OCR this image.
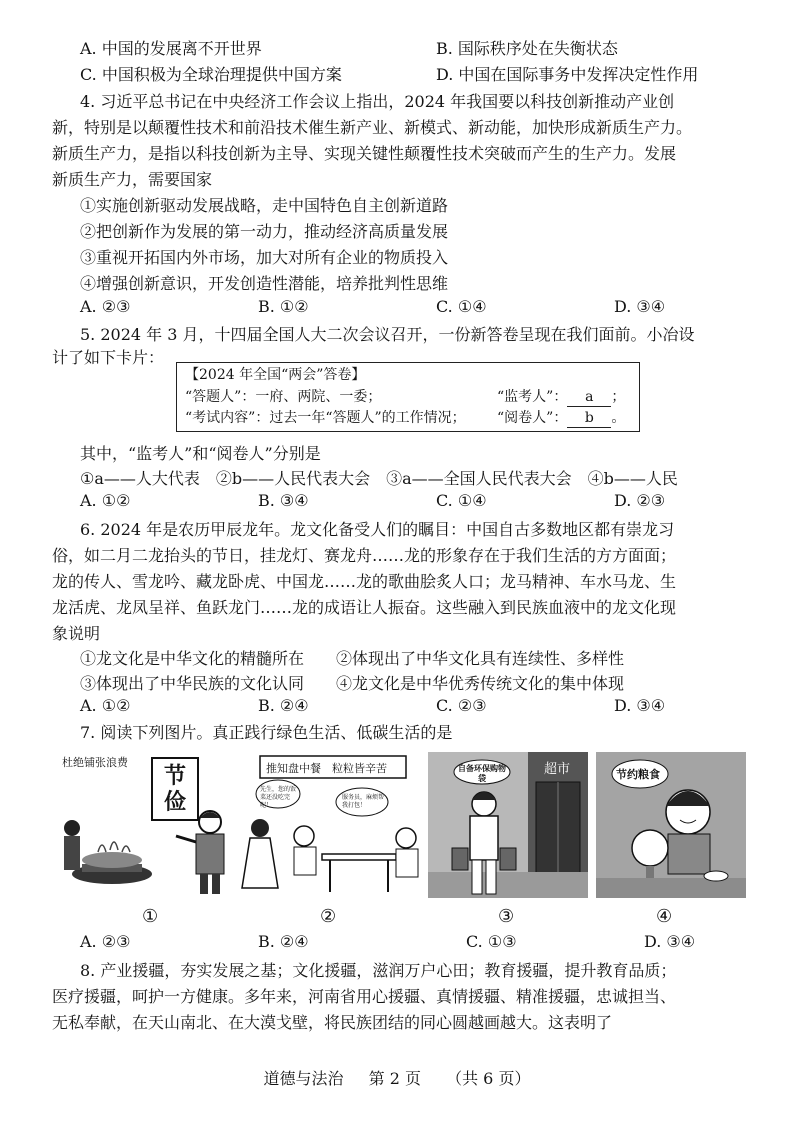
A. 中国的发展离不开世界	B. 国际秩序处在失衡状态
C. 中国积极为全球治理提供中国方案	D. 中国在国际事务中发挥决定性作用
4. 习近平总书记在中央经济工作会议上指出，2024 年我国要以科技创新推动产业创
新，特别是以颠覆性技术和前沿技术催生新产业、新模式、新动能，加快形成新质生产力。
新质生产力，是指以科技创新为主导、实现关键性颠覆性技术突破而产生的生产力。发展
新质生产力，需要国家
①实施创新驱动发展战略，走中国特色自主创新道路
②把创新作为发展的第一动力，推动经济高质量发展
③重视开拓国内外市场，加大对所有企业的物质投入
④增强创新意识，开发创造性潜能，培养批判性思维
A. ②③	B. ①②	C. ①④	D. ③④
5. 2024 年 3 月，十四届全国人大二次会议召开，一份新答卷呈现在我们面前。小冶设
计了如下卡片：
【2024 年全国“两会”答卷】
“答题人”：一府、两院、一委；	“监考人”： a ；
“考试内容”：过去一年“答题人”的工作情况； “阅卷人”： b 。
其中，“监考人”和“阅卷人”分别是
①a——人大代表　②b——人民代表大会　③a——全国人民代表大会　④b——人民
A. ①②	B. ③④	C. ①④	D. ②③
6. 2024 年是农历甲辰龙年。龙文化备受人们的瞩目：中国自古多数地区都有崇龙习
俗，如二月二龙抬头的节日，挂龙灯、赛龙舟……龙的形象存在于我们生活的方方面面；
龙的传人、雪龙吟、藏龙卧虎、中国龙……龙的歌曲脍炙人口；龙马精神、车水马龙、生
龙活虎、龙凤呈祥、鱼跃龙门……龙的成语让人振奋。这些融入到民族血液中的龙文化现
象说明
①龙文化是中华文化的精髓所在　　②体现出了中华文化具有连续性、多样性
③体现出了中华民族的文化认同　　④龙文化是中华优秀传统文化的集中体现
A. ①②	B. ②④	C. ②③	D. ③④
7. 阅读下列图片。真正践行绿色生活、低碳生活的是
杜绝铺张浪费
节俭
推知盘中餐　粒粒皆辛苦
先生，您的饭菜还没吃完呢！
服务员，麻烦帮我打包！
自备环保购物袋
超市	节约粮食
①	②	③	④
A. ②③	B. ②④	C. ①③	D. ③④
8. 产业援疆，夯实发展之基；文化援疆，滋润万户心田；教育援疆，提升教育品质；
医疗援疆，呵护一方健康。多年来，河南省用心援疆、真情援疆、精准援疆，忠诚担当、
无私奉献，在天山南北、在大漠戈壁，将民族团结的同心圆越画越大。这表明了
道德与法治 第 2 页 （共 6 页）
